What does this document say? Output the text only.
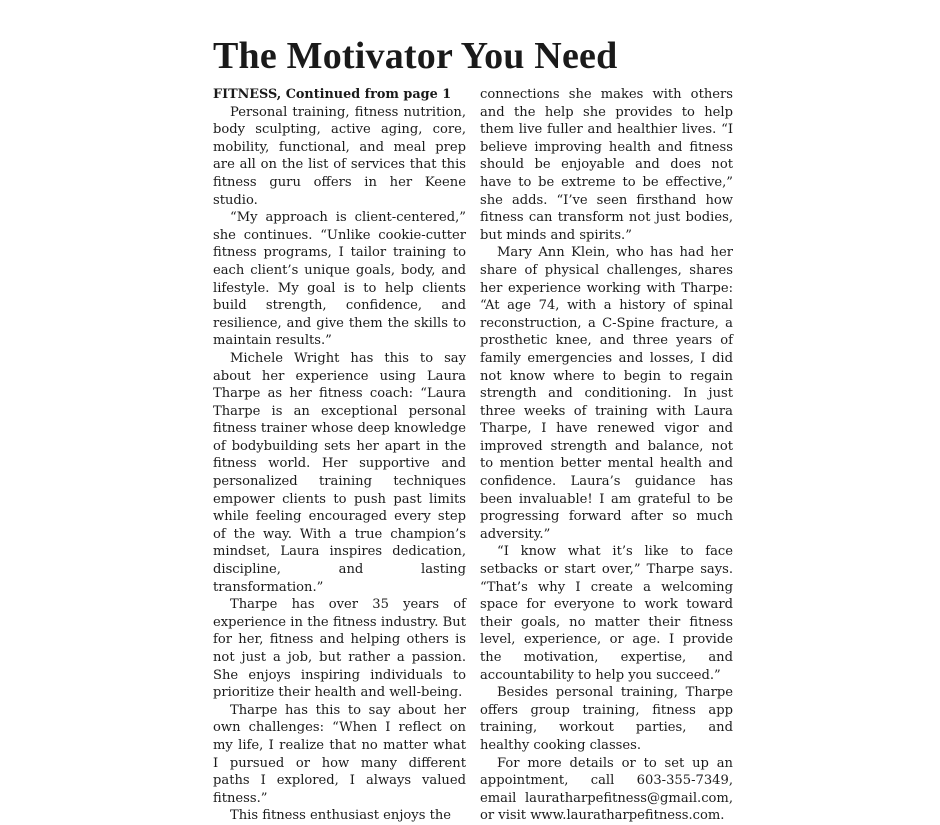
The Motivator You Need

FITNESS, Continued from page 1

Personal training, fitness nutrition, body sculpting, active aging, core, mobility, functional, and meal prep are all on the list of services that this fitness guru offers in her Keene studio.

“My approach is client-centered,” she continues. “Unlike cookie-cutter fitness programs, I tailor training to each client’s unique goals, body, and lifestyle. My goal is to help clients build strength, confidence, and resilience, and give them the skills to maintain results.”

Michele Wright has this to say about her experience using Laura Tharpe as her fitness coach: “Laura Tharpe is an exceptional personal fitness trainer whose deep knowledge of bodybuilding sets her apart in the fitness world. Her supportive and personalized training techniques empower clients to push past limits while feeling encouraged every step of the way. With a true champion’s mindset, Laura inspires dedication, discipline, and lasting transformation.”

Tharpe has over 35 years of experience in the fitness industry. But for her, fitness and helping others is not just a job, but rather a passion. She enjoys inspiring individuals to prioritize their health and well-being.

Tharpe has this to say about her own challenges: “When I reflect on my life, I realize that no matter what I pursued or how many different paths I explored, I always valued fitness.”

This fitness enthusiast enjoys the

connections she makes with others and the help she provides to help them live fuller and healthier lives. “I believe improving health and fitness should be enjoyable and does not have to be extreme to be effective,” she adds. “I’ve seen firsthand how fitness can transform not just bodies, but minds and spirits.”

Mary Ann Klein, who has had her share of physical challenges, shares her experience working with Tharpe: “At age 74, with a history of spinal reconstruction, a C-Spine fracture, a prosthetic knee, and three years of family emergencies and losses, I did not know where to begin to regain strength and conditioning. In just three weeks of training with Laura Tharpe, I have renewed vigor and improved strength and balance, not to mention better mental health and confidence. Laura’s guidance has been invaluable! I am grateful to be progressing forward after so much adversity.”

“I know what it’s like to face setbacks or start over,” Tharpe says. “That’s why I create a welcoming space for everyone to work toward their goals, no matter their fitness level, experience, or age. I provide the motivation, expertise, and accountability to help you succeed.”

Besides personal training, Tharpe offers group training, fitness app training, workout parties, and healthy cooking classes.

For more details or to set up an appointment, call 603-355-7349, email lauratharpefitness@gmail.com, or visit www.lauratharpefitness.com.
